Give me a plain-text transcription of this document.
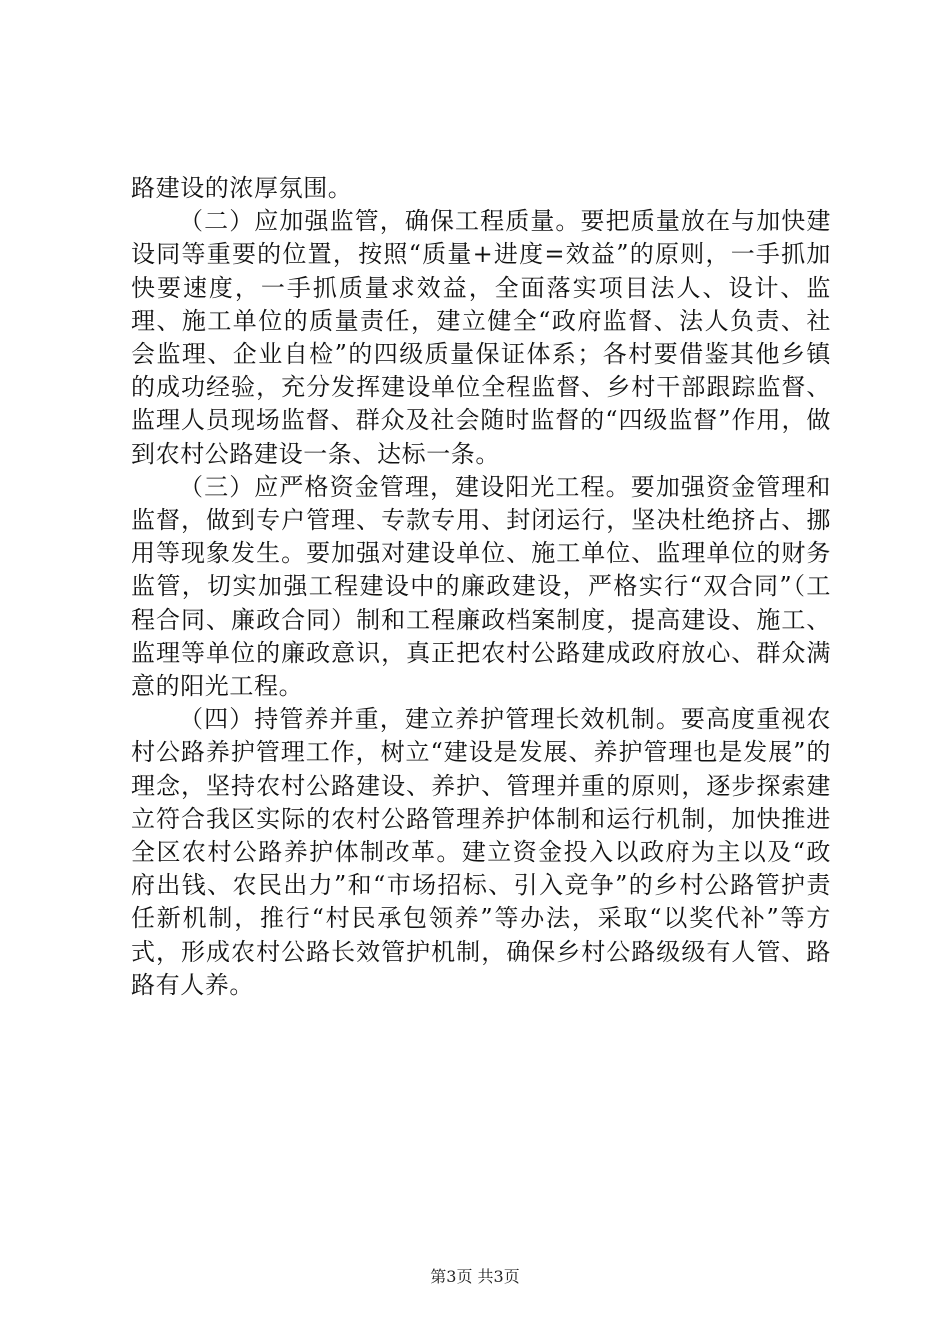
路建设的浓厚氛围。

（二）应加强监管，确保工程质量。要把质量放在与加快建设同等重要的位置，按照“质量+进度=效益”的原则，一手抓加快要速度，一手抓质量求效益，全面落实项目法人、设计、监理、施工单位的质量责任，建立健全“政府监督、法人负责、社会监理、企业自检”的四级质量保证体系；各村要借鉴其他乡镇的成功经验，充分发挥建设单位全程监督、乡村干部跟踪监督、监理人员现场监督、群众及社会随时监督的“四级监督”作用，做到农村公路建设一条、达标一条。

（三）应严格资金管理，建设阳光工程。要加强资金管理和监督，做到专户管理、专款专用、封闭运行，坚决杜绝挤占、挪用等现象发生。要加强对建设单位、施工单位、监理单位的财务监管，切实加强工程建设中的廉政建设，严格实行“双合同”（工程合同、廉政合同）制和工程廉政档案制度，提高建设、施工、监理等单位的廉政意识，真正把农村公路建成政府放心、群众满意的阳光工程。

（四）持管养并重，建立养护管理长效机制。要高度重视农村公路养护管理工作，树立“建设是发展、养护管理也是发展”的理念，坚持农村公路建设、养护、管理并重的原则，逐步探索建立符合我区实际的农村公路管理养护体制和运行机制，加快推进全区农村公路养护体制改革。建立资金投入以政府为主以及“政府出钱、农民出力”和“市场招标、引入竞争”的乡村公路管护责任新机制，推行“村民承包领养”等办法，采取“以奖代补”等方式，形成农村公路长效管护机制，确保乡村公路级级有人管、路路有人养。

第3页 共3页
